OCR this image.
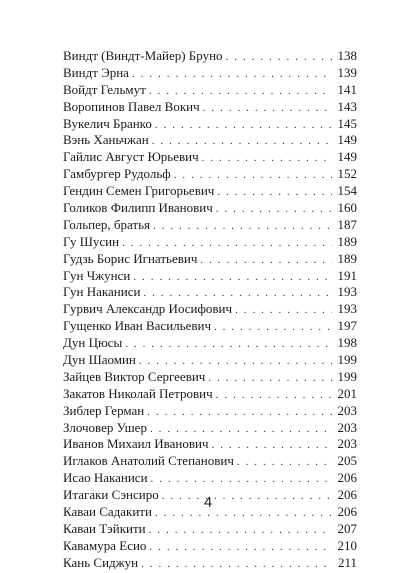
Виндт (Виндт-Майер) Бруно . . .	138
Виндт Эрна . . .	139
Войдт Гельмут . . .	141
Воропинов Павел Вокич . . .	143
Вукелич Бранко . . .	145
Вэнь Ханьчжан . . .	149
Гайлис Август Юрьевич . . .	149
Гамбургер Рудольф . . .	152
Гендин Семен Григорьевич . . .	154
Голиков Филипп Иванович . . .	160
Гольпер, братья . . .	187
Гу Шусин . . .	189
Гудзь Борис Игнатьевич . . .	189
Гун Чжунси . . .	191
Гун Наканиси . . .	193
Гурвич Александр Иосифович . . .	193
Гущенко Иван Васильевич . . .	197
Дун Цюсы . . .	198
Дун Шаомин . . .	199
Зайцев Виктор Сергеевич . . .	199
Закатов Николай Петрович . . .	201
Зиблер Герман . . .	203
Злочовер Ушер . . .	203
Иванов Михаил Иванович . . .	203
Иглаков Анатолий Степанович . . .	205
Исао Наканиси . . .	206
Итагаки Сэнсиро . . .	206
Каваи Садакити . . .	206
Каваи Тэйкити . . .	207
Кавамура Есио . . .	210
Кань Сиджун . . .	211
4
